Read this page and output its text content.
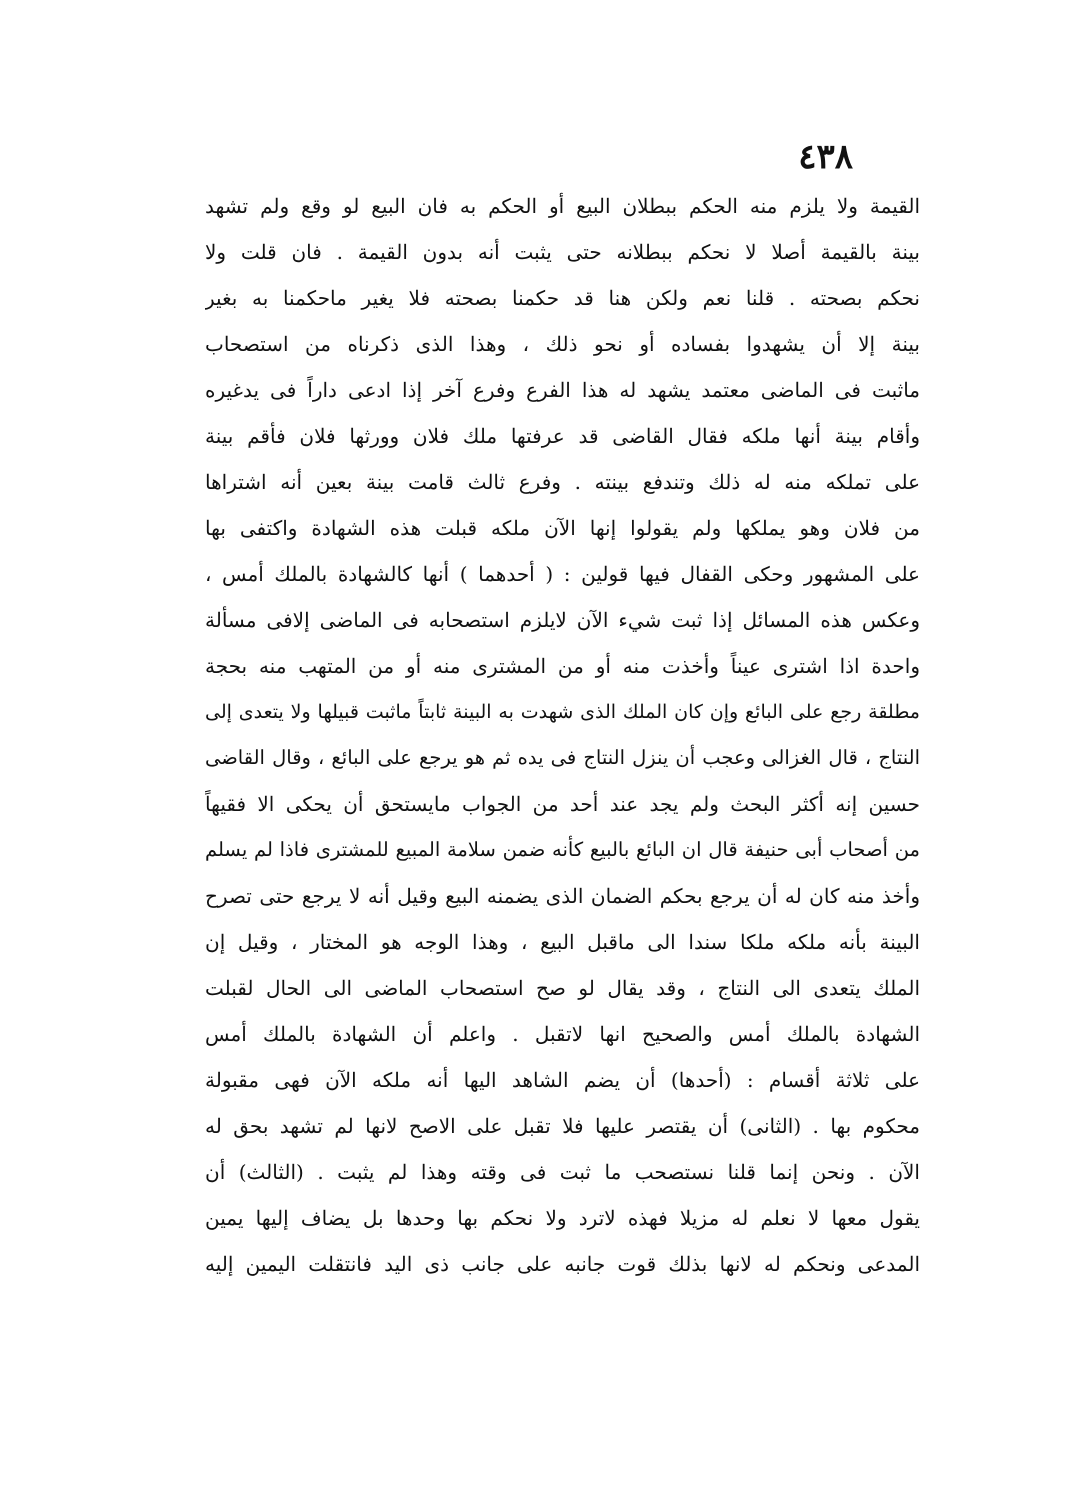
٤٣٨
القيمة ولا يلزم منه الحكم ببطلان البيع أو الحكم به فان البيع لو وقع ولم تشهد
بينة بالقيمة أصلا لا نحكم ببطلانه حتى يثبت أنه بدون القيمة . فان قلت ولا
نحكم بصحته . قلنا نعم ولكن هنا قد حكمنا بصحته فلا يغير ماحكمنا به بغير
بينة إلا أن يشهدوا بفساده أو نحو ذلك ، وهذا الذى ذكرناه من استصحاب
ماثبت فى الماضى معتمد يشهد له هذا الفرع وفرع آخر إذا ادعى داراً فى يدغيره
وأقام بينة أنها ملكه فقال القاضى قد عرفتها ملك فلان وورثها فلان فأقم بينة
على تملكه منه له ذلك وتندفع بينته . وفرع ثالث قامت بينة بعين أنه اشتراها
من فلان وهو يملكها ولم يقولوا إنها الآن ملكه قبلت هذه الشهادة واكتفى بها
على المشهور وحكى القفال فيها قولين : ( أحدهما ) أنها كالشهادة بالملك أمس ،
وعكس هذه المسائل إذا ثبت شيء الآن لايلزم استصحابه فى الماضى إلافى مسألة
واحدة اذا اشترى عيناً وأخذت منه أو من المشترى منه أو من المتهب منه بحجة
مطلقة رجع على البائع وإن كان الملك الذى شهدت به البينة ثابتاً ماثبت قبيلها ولا يتعدى إلى
النتاج ، قال الغزالى وعجب أن ينزل النتاج فى يده ثم هو يرجع على البائع ، وقال القاضى
حسين إنه أكثر البحث ولم يجد عند أحد من الجواب مايستحق أن يحكى الا فقيهاً
من أصحاب أبى حنيفة قال ان البائع بالبيع كأنه ضمن سلامة المبيع للمشترى فاذا لم يسلم
وأخذ منه كان له أن يرجع بحكم الضمان الذى يضمنه البيع وقيل أنه لا يرجع حتى تصرح
البينة بأنه ملكه ملكا سندا الى ماقبل البيع ، وهذا الوجه هو المختار ، وقيل إن
الملك يتعدى الى النتاج ، وقد يقال لو صح استصحاب الماضى الى الحال لقبلت
الشهادة بالملك أمس والصحيح انها لاتقبل . واعلم أن الشهادة بالملك أمس
على ثلاثة أقسام : (أحدها) أن يضم الشاهد اليها أنه ملكه الآن فهى مقبولة
محكوم بها . (الثانى) أن يقتصر عليها فلا تقبل على الاصح لانها لم تشهد بحق له
الآن . ونحن إنما قلنا نستصحب ما ثبت فى وقته وهذا لم يثبت . (الثالث) أن
يقول معها لا نعلم له مزيلا فهذه لاترد ولا نحكم بها وحدها بل يضاف إليها يمين
المدعى ونحكم له لانها بذلك قوت جانبه على جانب ذى اليد فانتقلت اليمين إليه
